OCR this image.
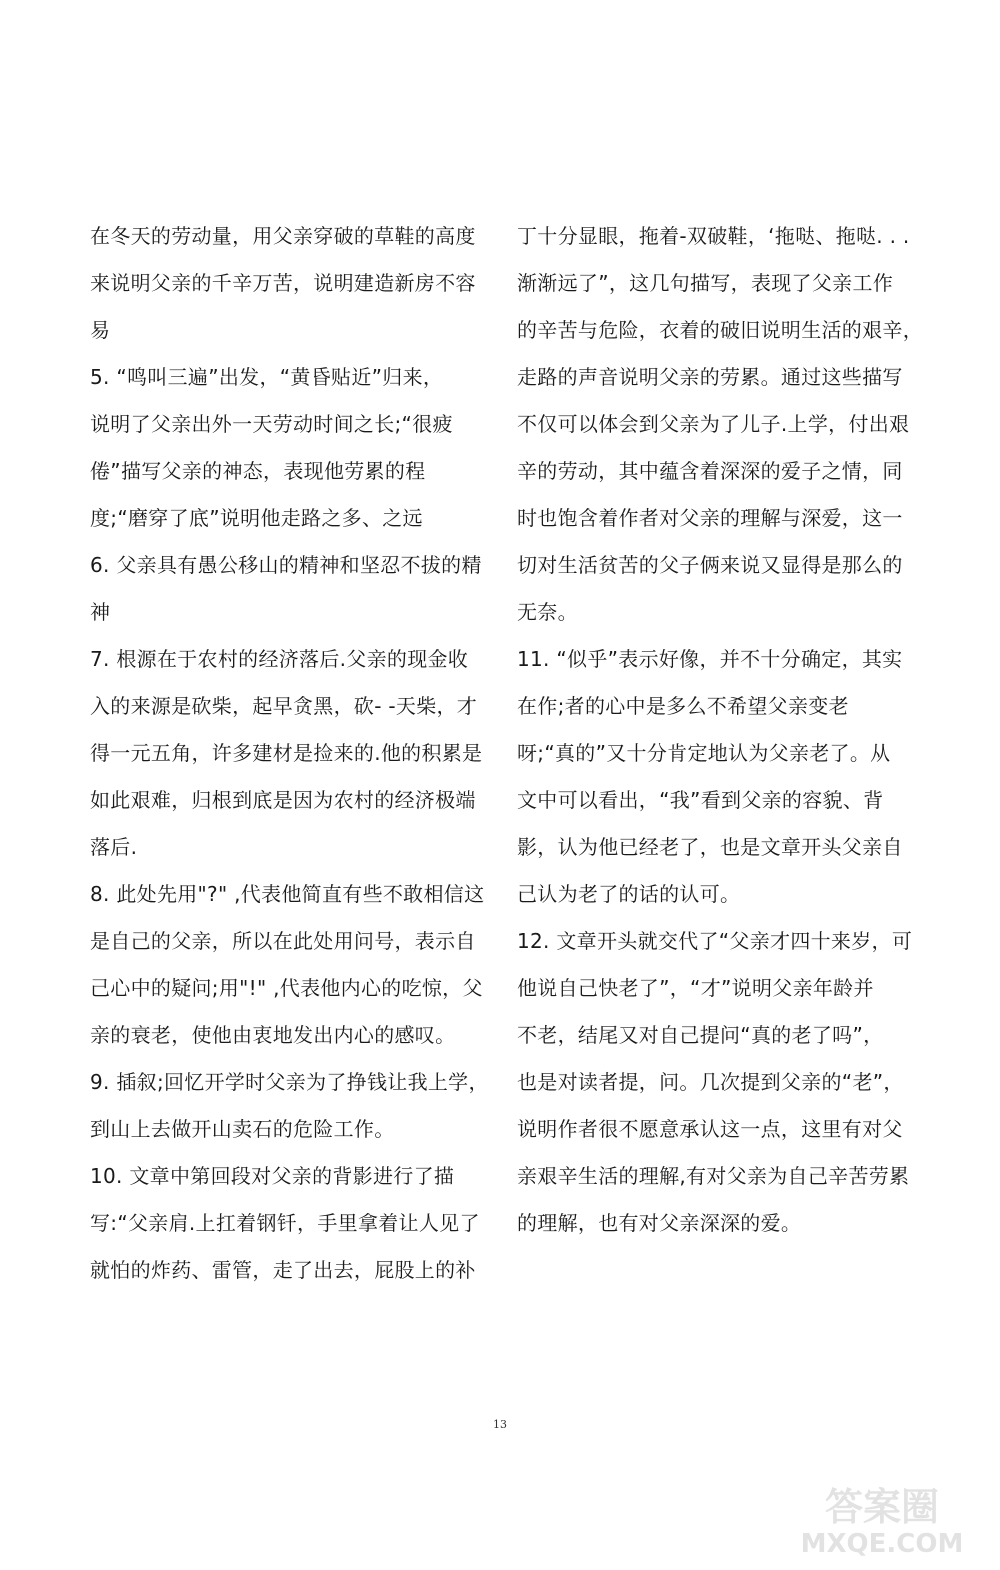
在冬天的劳动量，用父亲穿破的草鞋的高度
来说明父亲的千辛万苦，说明建造新房不容
易
5. “鸣叫三遍”出发，“黄昏贴近”归来，
说明了父亲出外一天劳动时间之长;“很疲
倦”描写父亲的神态，表现他劳累的程
度;“磨穿了底”说明他走路之多、之远
6. 父亲具有愚公移山的精神和坚忍不拔的精
神
7. 根源在于农村的经济落后.父亲的现金收
入的来源是砍柴，起早贪黑，砍- -天柴，才
得一元五角，许多建材是捡来的.他的积累是
如此艰难，归根到底是因为农村的经济极端
落后.
8. 此处先用"?" ,代表他简直有些不敢相信这
是自己的父亲，所以在此处用问号，表示自
己心中的疑问;用"!" ,代表他内心的吃惊，父
亲的衰老，使他由衷地发出内心的感叹。
9. 插叙;回忆开学时父亲为了挣钱让我上学，
到山上去做开山卖石的危险工作。
10. 文章中第回段对父亲的背影进行了描
写:“父亲肩.上扛着钢钎，手里拿着让人见了
就怕的炸药、雷管，走了出去，屁股上的补
丁十分显眼，拖着-双破鞋，‘拖哒、拖哒. . .
渐渐远了”，这几句描写，表现了父亲工作
的辛苦与危险，衣着的破旧说明生活的艰辛，
走路的声音说明父亲的劳累。通过这些描写
不仅可以体会到父亲为了儿子.上学，付出艰
辛的劳动，其中蕴含着深深的爱子之情，同
时也饱含着作者对父亲的理解与深爱，这一
切对生活贫苦的父子俩来说又显得是那么的
无奈。
11. “似乎”表示好像，并不十分确定，其实
在作;者的心中是多么不希望父亲变老
呀;“真的”又十分肯定地认为父亲老了。从
文中可以看出，“我”看到父亲的容貌、背
影，认为他已经老了，也是文章开头父亲自
己认为老了的话的认可。
12. 文章开头就交代了“父亲才四十来岁，可
他说自己快老了”，“才”说明父亲年龄并
不老，结尾又对自己提问“真的老了吗”，
也是对读者提，问。几次提到父亲的“老”，
说明作者很不愿意承认这一点，这里有对父
亲艰辛生活的理解,有对父亲为自己辛苦劳累
的理解，也有对父亲深深的爱。
13
答案圈
MXQE.COM
